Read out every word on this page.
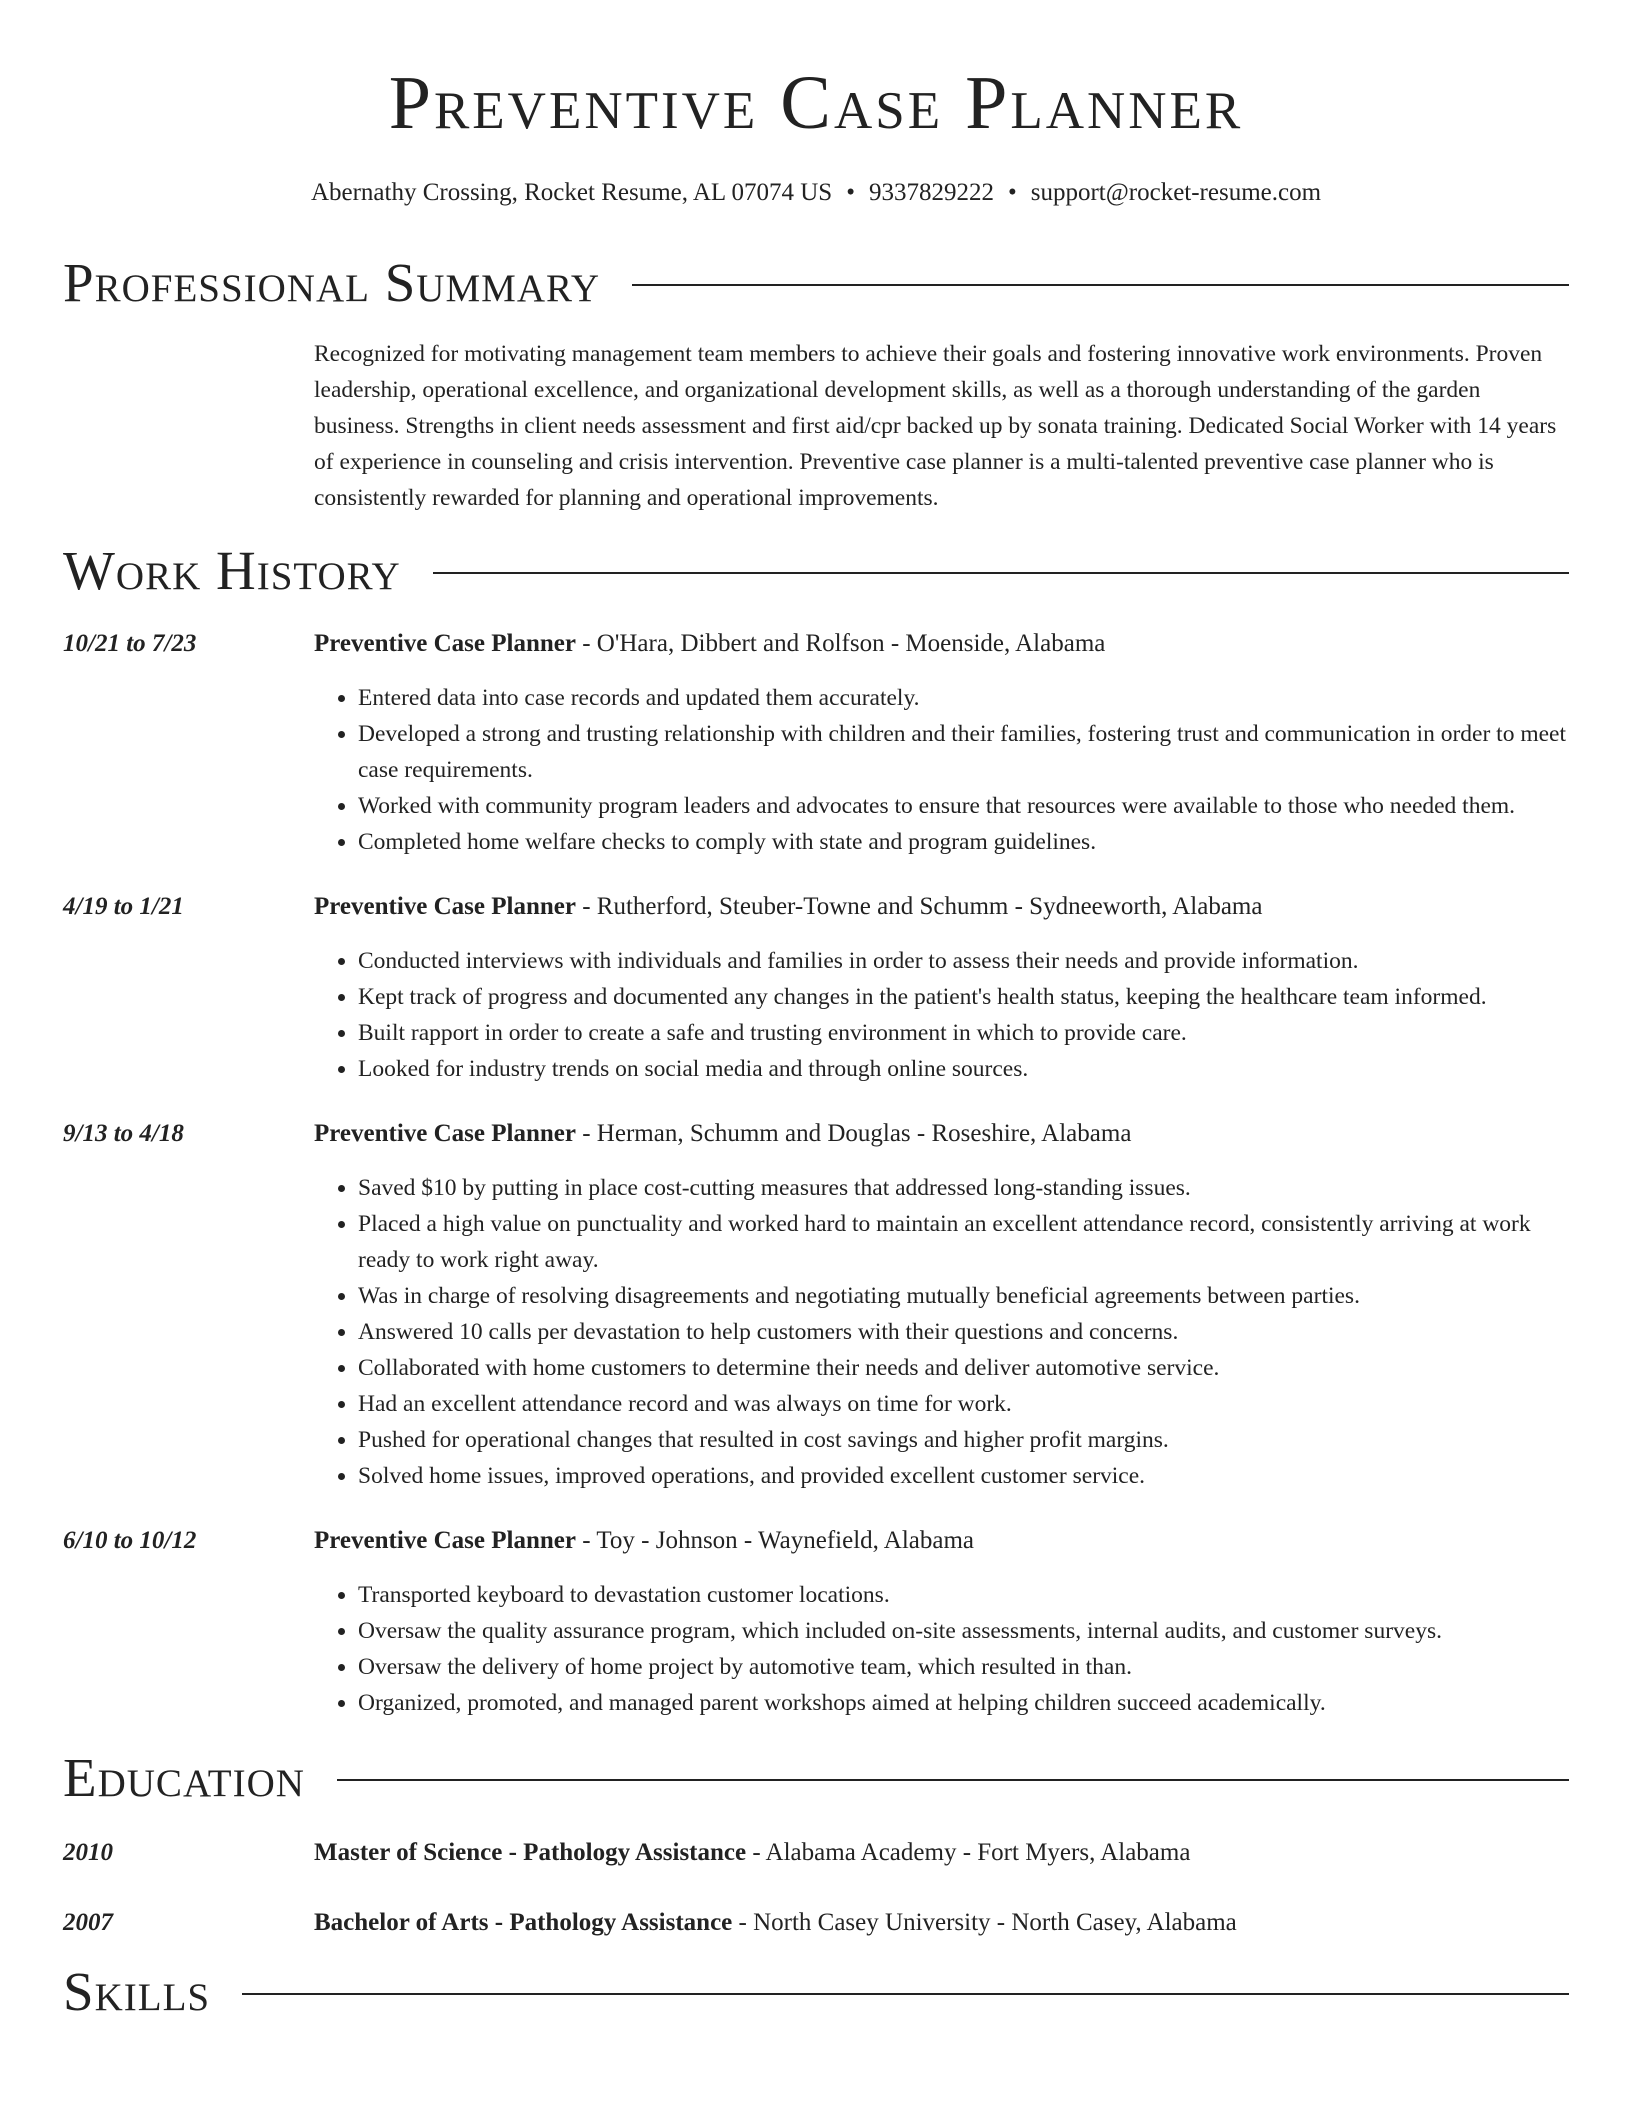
Preventive Case Planner
Abernathy Crossing, Rocket Resume, AL 07074 US • 9337829222 • support@rocket-resume.com
Professional Summary
Recognized for motivating management team members to achieve their goals and fostering innovative work environments. Proven leadership, operational excellence, and organizational development skills, as well as a thorough understanding of the garden business. Strengths in client needs assessment and first aid/cpr backed up by sonata training. Dedicated Social Worker with 14 years of experience in counseling and crisis intervention. Preventive case planner is a multi-talented preventive case planner who is consistently rewarded for planning and operational improvements.
Work History
10/21 to 7/23	Preventive Case Planner - O'Hara, Dibbert and Rolfson - Moenside, Alabama
• Entered data into case records and updated them accurately.
• Developed a strong and trusting relationship with children and their families, fostering trust and communication in order to meet case requirements.
• Worked with community program leaders and advocates to ensure that resources were available to those who needed them.
• Completed home welfare checks to comply with state and program guidelines.
4/19 to 1/21	Preventive Case Planner - Rutherford, Steuber-Towne and Schumm - Sydneeworth, Alabama
• Conducted interviews with individuals and families in order to assess their needs and provide information.
• Kept track of progress and documented any changes in the patient's health status, keeping the healthcare team informed.
• Built rapport in order to create a safe and trusting environment in which to provide care.
• Looked for industry trends on social media and through online sources.
9/13 to 4/18	Preventive Case Planner - Herman, Schumm and Douglas - Roseshire, Alabama
• Saved $10 by putting in place cost-cutting measures that addressed long-standing issues.
• Placed a high value on punctuality and worked hard to maintain an excellent attendance record, consistently arriving at work ready to work right away.
• Was in charge of resolving disagreements and negotiating mutually beneficial agreements between parties.
• Answered 10 calls per devastation to help customers with their questions and concerns.
• Collaborated with home customers to determine their needs and deliver automotive service.
• Had an excellent attendance record and was always on time for work.
• Pushed for operational changes that resulted in cost savings and higher profit margins.
• Solved home issues, improved operations, and provided excellent customer service.
6/10 to 10/12	Preventive Case Planner - Toy - Johnson - Waynefield, Alabama
• Transported keyboard to devastation customer locations.
• Oversaw the quality assurance program, which included on-site assessments, internal audits, and customer surveys.
• Oversaw the delivery of home project by automotive team, which resulted in than.
• Organized, promoted, and managed parent workshops aimed at helping children succeed academically.
Education
2010	Master of Science - Pathology Assistance - Alabama Academy - Fort Myers, Alabama
2007	Bachelor of Arts - Pathology Assistance - North Casey University - North Casey, Alabama
Skills
